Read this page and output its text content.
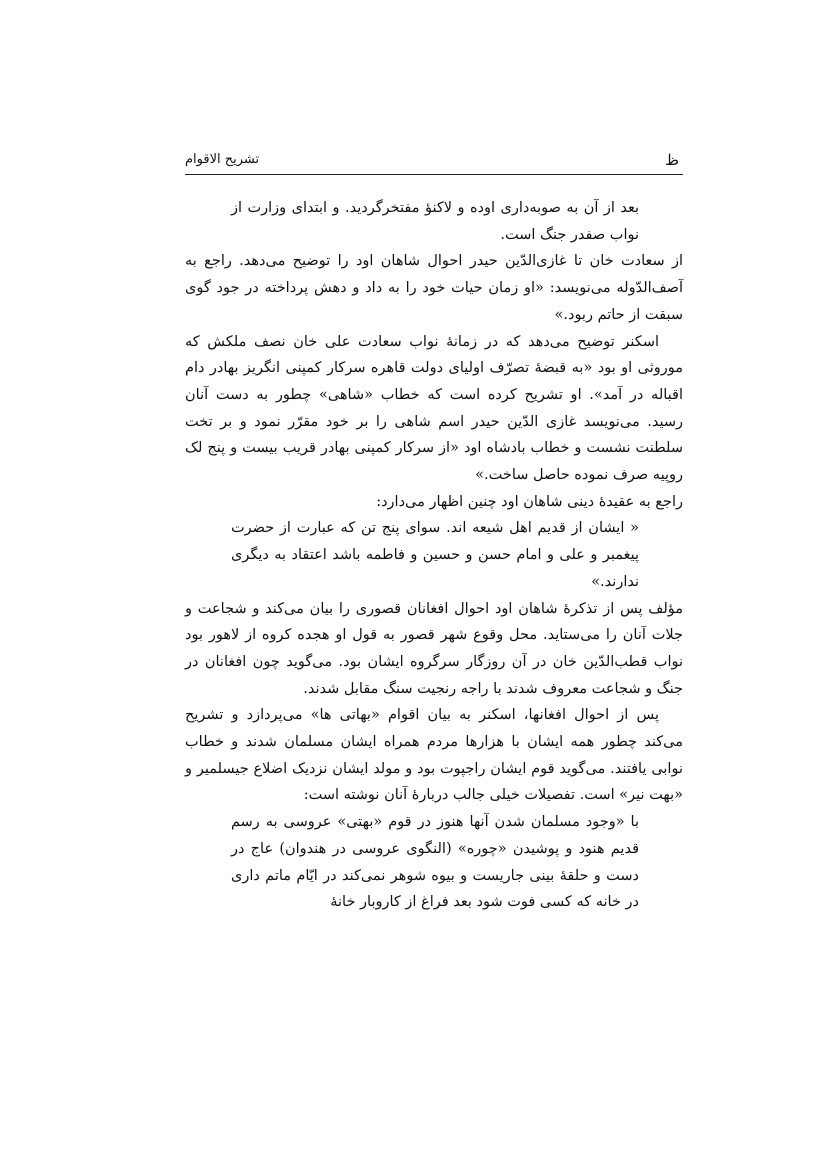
ظ
تشریح الاقوام

بعد از آن به صوبه‌داری اوده و لاکنؤ مفتخرگردید. و ابتدای وزارت از نواب صفدر جنگ است.

از سعادت خان تا غازی‌الدّین حیدر احوال شاهان اود را توضیح می‌دهد. راجع به آصف‌الدّوله می‌نویسد: «او زمان حیات خود را به داد و دهش پرداخته در جود گوی سبقت از حاتم ربود.»

اسکنر توضیح می‌دهد که در زمانهٔ نواب سعادت علی خان نصف ملکش که موروثی او بود «به قبضهٔ تصرّف اولیای دولت قاهره سرکار کمپنی انگریز بهادر دام اقباله در آمد». او تشریح کرده است که خطاب «شاهی» چطور به دست آنان رسید. می‌نویسد غازی الدّین حیدر اسم شاهی را بر خود مقرّر نمود و بر تخت سلطنت نشست و خطاب بادشاه اود «از سرکار کمپنی بهادر قریب بیست و پنج لک روپیه صرف نموده حاصل ساخت.»

راجع به عقیدهٔ دینی شاهان اود چنین اظهار می‌دارد:

« ایشان از قدیم اهل شیعه اند. سوای پنج تن که عبارت از حضرت پیغمبر و علی و امام حسن و حسین و فاطمه باشد اعتقاد به دیگری ندارند.»

مؤلف پس از تذکرهٔ شاهان اود احوال افغانان قصوری را بیان می‌کند و شجاعت و جلات آنان را می‌ستاید. محل وقوع شهر قصور به قول او هجده کروه از لاهور بود نواب قطب‌الدّین خان در آن روزگار سرگروه ایشان بود. می‌گوید چون افغانان در جنگ و شجاعت معروف شدند با راجه رنجیت سنگ مقابل شدند.

پس از احوال افغانها، اسکنر به بیان اقوام «بهاتی ها» می‌پردازد و تشریح می‌کند چطور همه ایشان با هزارها مردم همراه ایشان مسلمان شدند و خطاب نوابی یافتند. می‌گوید قوم ایشان راجپوت بود و مولد ایشان نزدیک اضلاع جیسلمیر و «بهت نیر» است. تفصیلات خیلی جالب دربارهٔ آنان نوشته است:

با «وجود مسلمان شدن آنها هنوز در قوم «بهتی» عروسی به رسم قدیم هنود و پوشیدن «چوره» (النگوی عروسی در هندوان) عاج در دست و حلقهٔ بینی جاریست و بیوه شوهر نمی‌کند در ایّام ماتم داری در خانه که کسی فوت شود بعد فراغ از کاروبار خانهٔ
